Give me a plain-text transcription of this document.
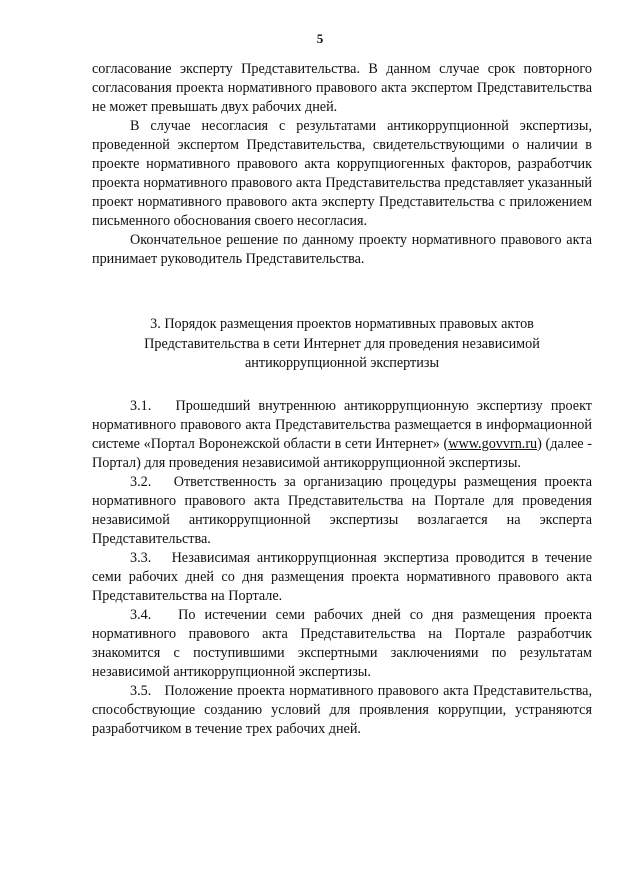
5

согласование эксперту Представительства. В данном случае срок повторного согласования проекта нормативного правового акта экспертом Представительства не может превышать двух рабочих дней.

В случае несогласия с результатами антикоррупционной экспертизы, проведенной экспертом Представительства, свидетельствующими о наличии в проекте нормативного правового акта коррупциогенных факторов, разработчик проекта нормативного правового акта Представительства представляет указанный проект нормативного правового акта эксперту Представительства с приложением письменного обоснования своего несогласия.

Окончательное решение по данному проекту нормативного правового акта принимает руководитель Представительства.

3. Порядок размещения проектов нормативных правовых актов

Представительства в сети Интернет для проведения независимой

антикоррупционной экспертизы

3.1. Прошедший внутреннюю антикоррупционную экспертизу проект нормативного правового акта Представительства размещается в информационной системе «Портал Воронежской области в сети Интернет» (www.govvrn.ru) (далее - Портал) для проведения независимой антикоррупционной экспертизы.

3.2. Ответственность за организацию процедуры размещения проекта нормативного правового акта Представительства на Портале для проведения независимой антикоррупционной экспертизы возлагается на эксперта Представительства.

3.3. Независимая антикоррупционная экспертиза проводится в течение семи рабочих дней со дня размещения проекта нормативного правового акта Представительства на Портале.

3.4. По истечении семи рабочих дней со дня размещения проекта нормативного правового акта Представительства на Портале разработчик знакомится с поступившими экспертными заключениями по результатам независимой антикоррупционной экспертизы.

3.5. Положение проекта нормативного правового акта Представительства, способствующие созданию условий для проявления коррупции, устраняются разработчиком в течение трех рабочих дней.
